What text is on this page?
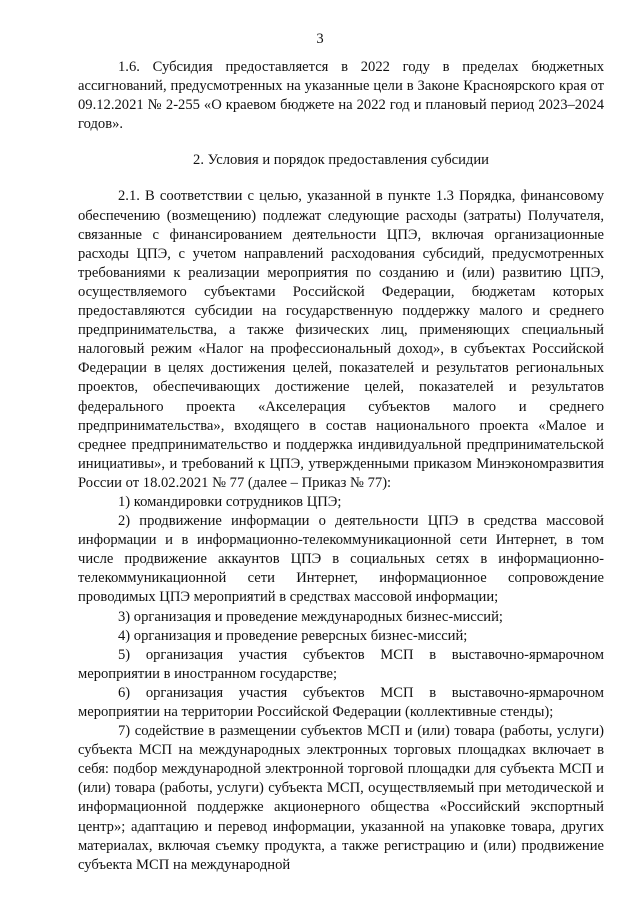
3

1.6. Субсидия предоставляется в 2022 году в пределах бюджетных ассигнований, предусмотренных на указанные цели в Законе Красноярского края от 09.12.2021 № 2-255 «О краевом бюджете на 2022 год и плановый период 2023–2024 годов».

2. Условия и порядок предоставления субсидии

2.1. В соответствии с целью, указанной в пункте 1.3 Порядка, финансовому обеспечению (возмещению) подлежат следующие расходы (затраты) Получателя, связанные с финансированием деятельности ЦПЭ, включая организационные расходы ЦПЭ, с учетом направлений расходования субсидий, предусмотренных требованиями к реализации мероприятия по созданию и (или) развитию ЦПЭ, осуществляемого субъектами Российской Федерации, бюджетам которых предоставляются субсидии на государственную поддержку малого и среднего предпринимательства, а также физических лиц, применяющих специальный налоговый режим «Налог на профессиональный доход», в субъектах Российской Федерации в целях достижения целей, показателей и результатов региональных проектов, обеспечивающих достижение целей, показателей и результатов федерального проекта «Акселерация субъектов малого и среднего предпринимательства», входящего в состав национального проекта «Малое и среднее предпринимательство и поддержка индивидуальной предпринимательской инициативы», и требований к ЦПЭ, утвержденными приказом Минэкономразвития России от 18.02.2021 № 77 (далее – Приказ № 77):

1) командировки сотрудников ЦПЭ;

2) продвижение информации о деятельности ЦПЭ в средства массовой информации и в информационно-телекоммуникационной сети Интернет, в том числе продвижение аккаунтов ЦПЭ в социальных сетях в информационно-телекоммуникационной сети Интернет, информационное сопровождение проводимых ЦПЭ мероприятий в средствах массовой информации;

3) организация и проведение международных бизнес-миссий;

4) организация и проведение реверсных бизнес-миссий;

5) организация участия субъектов МСП в выставочно-ярмарочном мероприятии в иностранном государстве;

6) организация участия субъектов МСП в выставочно-ярмарочном мероприятии на территории Российской Федерации (коллективные стенды);

7) содействие в размещении субъектов МСП и (или) товара (работы, услуги) субъекта МСП на международных электронных торговых площадках включает в себя: подбор международной электронной торговой площадки для субъекта МСП и (или) товара (работы, услуги) субъекта МСП, осуществляемый при методической и информационной поддержке акционерного общества «Российский экспортный центр»; адаптацию и перевод информации, указанной на упаковке товара, других материалах, включая съемку продукта, а также регистрацию и (или) продвижение субъекта МСП на международной
